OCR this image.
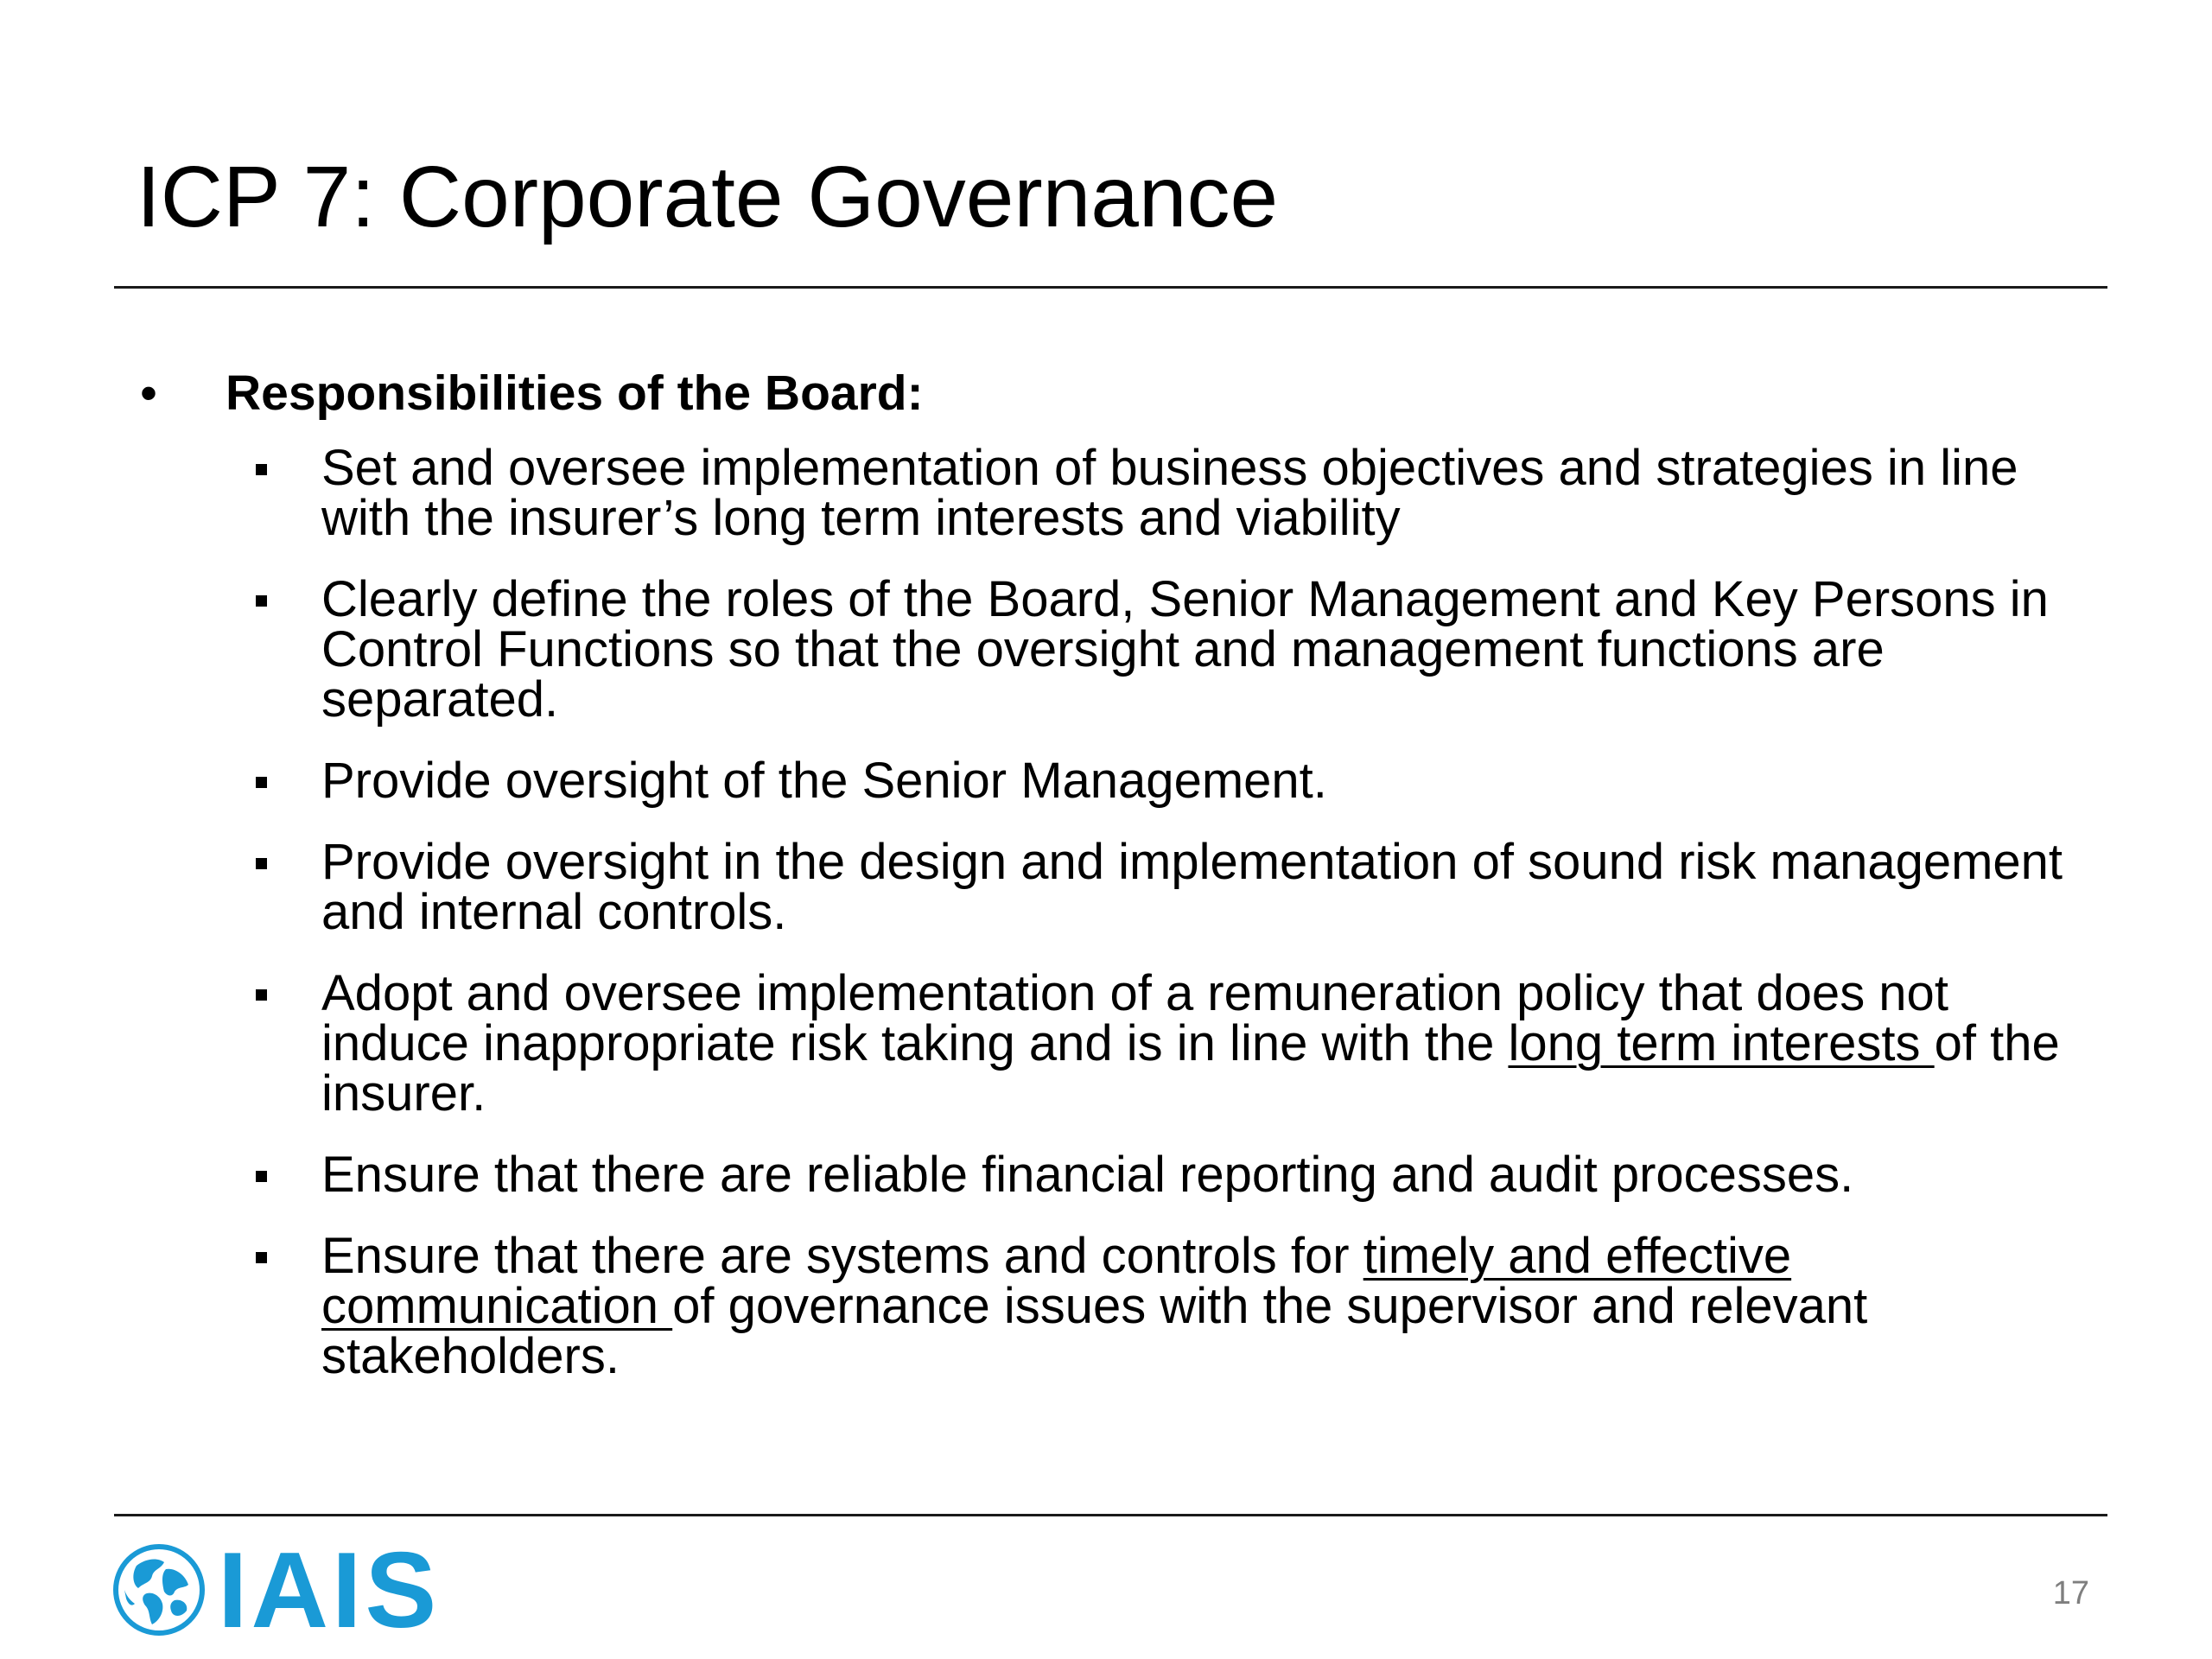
ICP 7: Corporate Governance
• Responsibilities of the Board:
Set and oversee implementation of business objectives and strategies in line with the insurer’s long term interests and viability
Clearly define the roles of the Board, Senior Management and Key Persons in Control Functions so that the oversight and management functions are separated.
Provide oversight of the Senior Management.
Provide oversight in the design and implementation of sound risk management and internal controls.
Adopt and oversee implementation of a remuneration policy that does not induce inappropriate risk taking and is in line with the long term interests of the insurer.
Ensure that there are reliable financial reporting and audit processes.
Ensure that there are systems and controls for timely and effective communication of governance issues with the supervisor and relevant stakeholders.
IAIS	17
